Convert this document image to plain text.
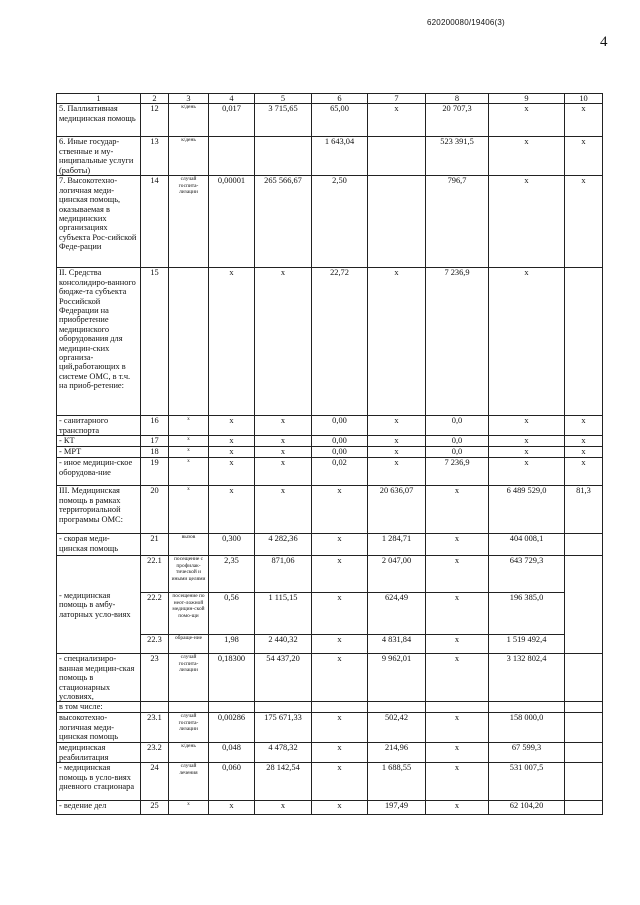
620200080/19406(3)
4
1	2	3	4	5	6	7	8	9	10
5. Паллиативная медицинская помощь	12	к/день	0,017	3 715,65	65,00	х	20 707,3	х	х
6. Иные государ-ственные и му-ниципальные услуги (работы)	13	к/день			1 643,04		523 391,5	х	х
7. Высокотехно-логичная меди-цинская помощь, оказываемая в медицинских организациях субъекта Рос-сийской Феде-рации	14	случай госпита-лизации	0,00001	265 566,67	2,50		796,7	х	х
II. Средства консолидиро-ванного бюдже-та субъекта Российской Федерации на приобретение медицинского оборудования для медицин-ских организа-ций,работающих в системе ОМС, в т.ч. на приоб-ретение:	15		х	х	22,72	х	7 236,9	х	
- санитарного транспорта	16	х	х	х	0,00	х	0,0	х	х
- КТ	17	х	х	х	0,00	х	0,0	х	х
- МРТ	18	х	х	х	0,00	х	0,0	х	х
- иное медицин-ское оборудова-ние	19	х	х	х	0,02	х	7 236,9	х	х
III. Медицинская помощь в рамках территориальной программы ОМС:	20	х	х	х	х	20 636,07	х	6 489 529,0	81,3
- скорая меди-цинская помощь	21	вызов	0,300	4 282,36	х	1 284,71	х	404 008,1	
- медицинская помощь в амбу-латорных усло-виях	22.1	посещение с профилак-тической и иными целями	2,35	871,06	х	2 047,00	х	643 729,3	
	22.2	посещение по неот-ложной медицин-ской помо-щи	0,56	1 115,15	х	624,49	х	196 385,0	
	22.3	обраще-ние	1,98	2 440,32	х	4 831,84	х	1 519 492,4	
- специализиро-ванная медицин-ская помощь в стационарных условиях,	23	случай госпита-лизации	0,18300	54 437,20	х	9 962,01	х	3 132 802,4	
в том числе:									
высокотехно-логичная меди-цинская помощь	23.1	случай госпита-лизации	0,00286	175 671,33	х	502,42	х	158 000,0	
медицинская реабилитация	23.2	к/день	0,048	4 478,32	х	214,96	х	67 599,3	
- медицинская помощь в усло-виях дневного стационара	24	случай лечения	0,060	28 142,54	х	1 688,55	х	531 007,5	
- ведение дел	25	х	х	х	х	197,49	х	62 104,20	
